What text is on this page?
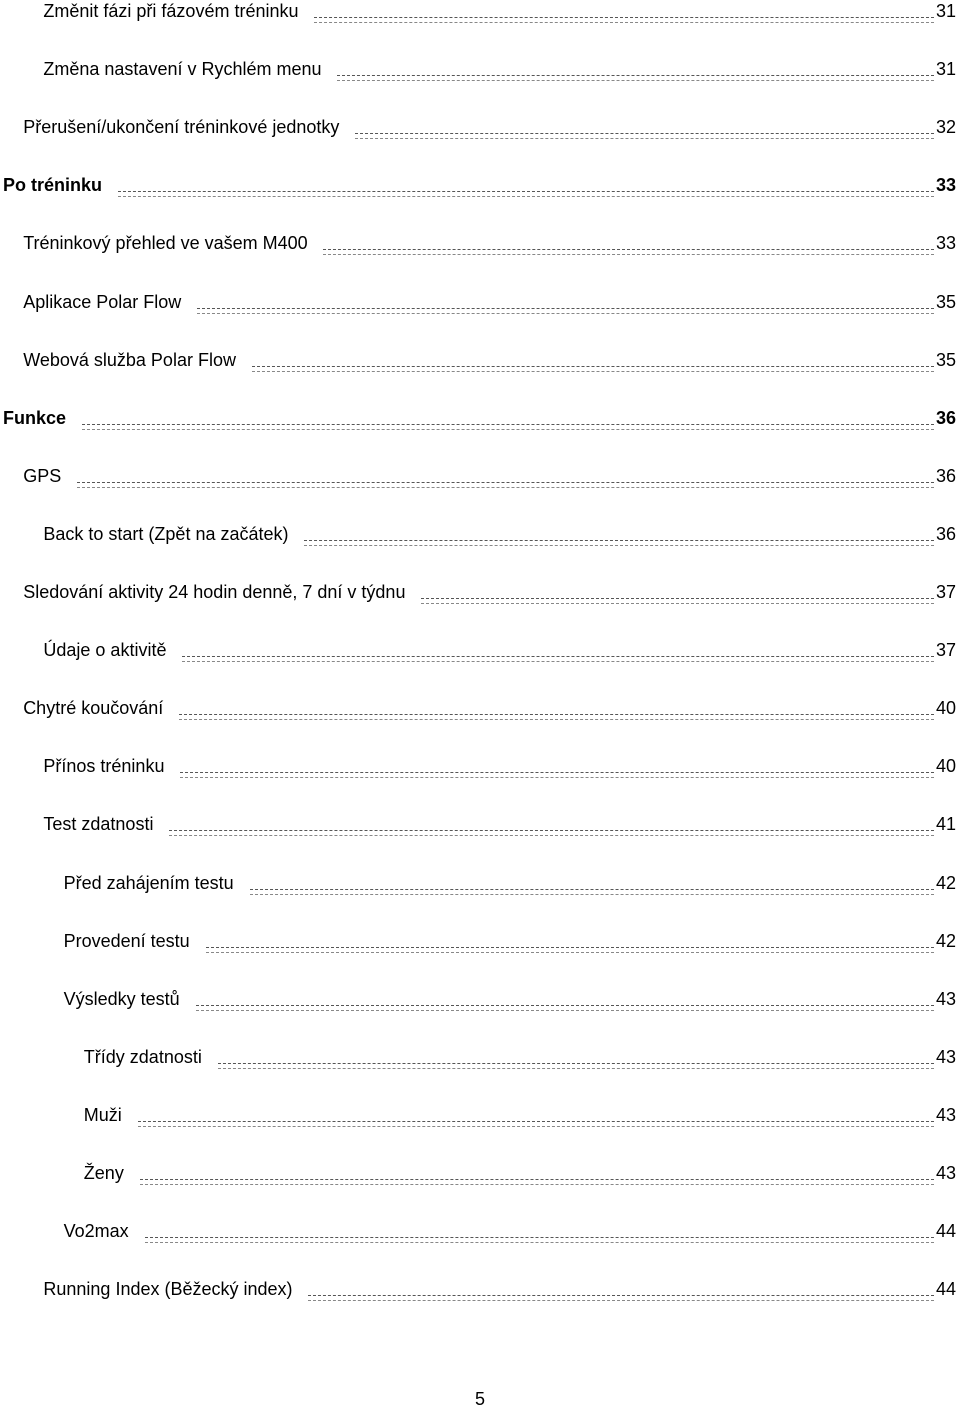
Změnit fázi při fázovém tréninku	31
Změna nastavení v Rychlém menu	31
Přerušení/ukončení tréninkové jednotky	32
Po tréninku	33
Tréninkový přehled ve vašem M400	33
Aplikace Polar Flow	35
Webová služba Polar Flow	35
Funkce	36
GPS	36
Back to start (Zpět na začátek)	36
Sledování aktivity 24 hodin denně, 7 dní v týdnu	37
Údaje o aktivitě	37
Chytré koučování	40
Přínos tréninku	40
Test zdatnosti	41
Před zahájením testu	42
Provedení testu	42
Výsledky testů	43
Třídy zdatnosti	43
Muži	43
Ženy	43
Vo2max	44
Running Index (Běžecký index)	44
5
